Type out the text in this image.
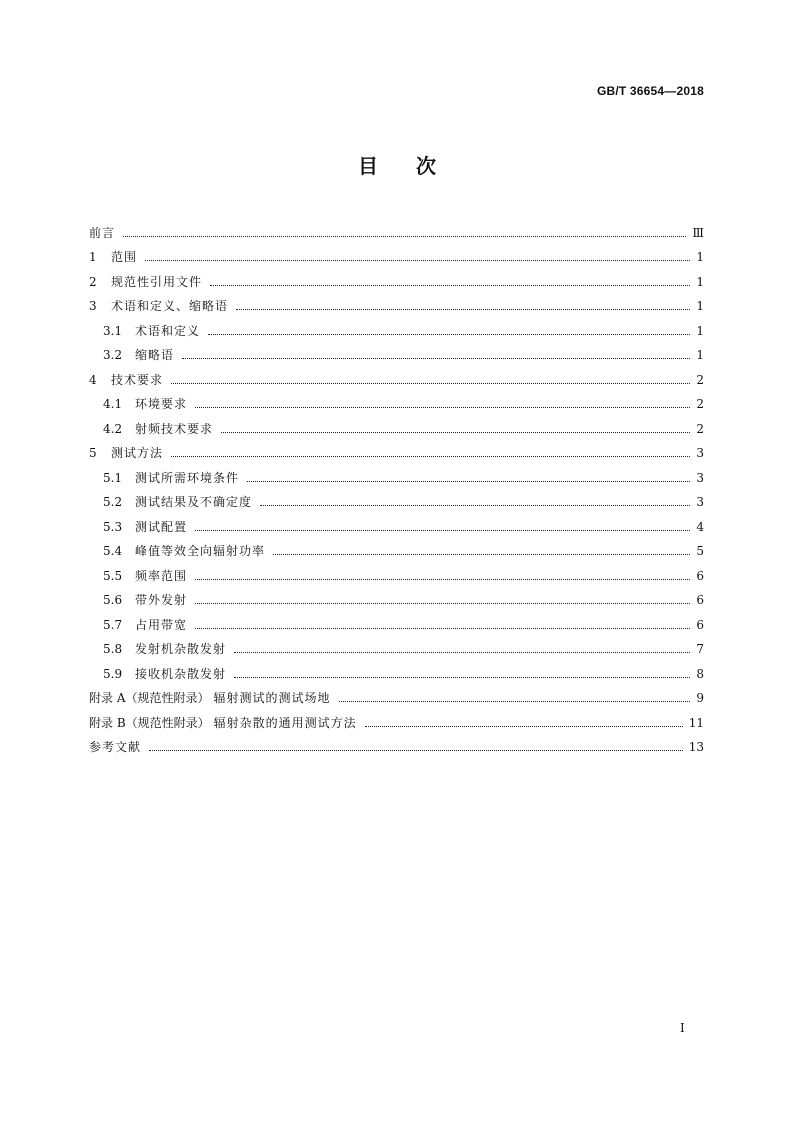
GB/T 36654—2018
目 次
前言	Ⅲ
1	范围	1
2	规范性引用文件	1
3	术语和定义、缩略语	1
3.1	术语和定义	1
3.2	缩略语	1
4	技术要求	2
4.1	环境要求	2
4.2	射频技术要求	2
5	测试方法	3
5.1	测试所需环境条件	3
5.2	测试结果及不确定度	3
5.3	测试配置	4
5.4	峰值等效全向辐射功率	5
5.5	频率范围	6
5.6	带外发射	6
5.7	占用带宽	6
5.8	发射机杂散发射	7
5.9	接收机杂散发射	8
附录 A（规范性附录） 辐射测试的测试场地	9
附录 B（规范性附录） 辐射杂散的通用测试方法	11
参考文献	13
Ⅰ
